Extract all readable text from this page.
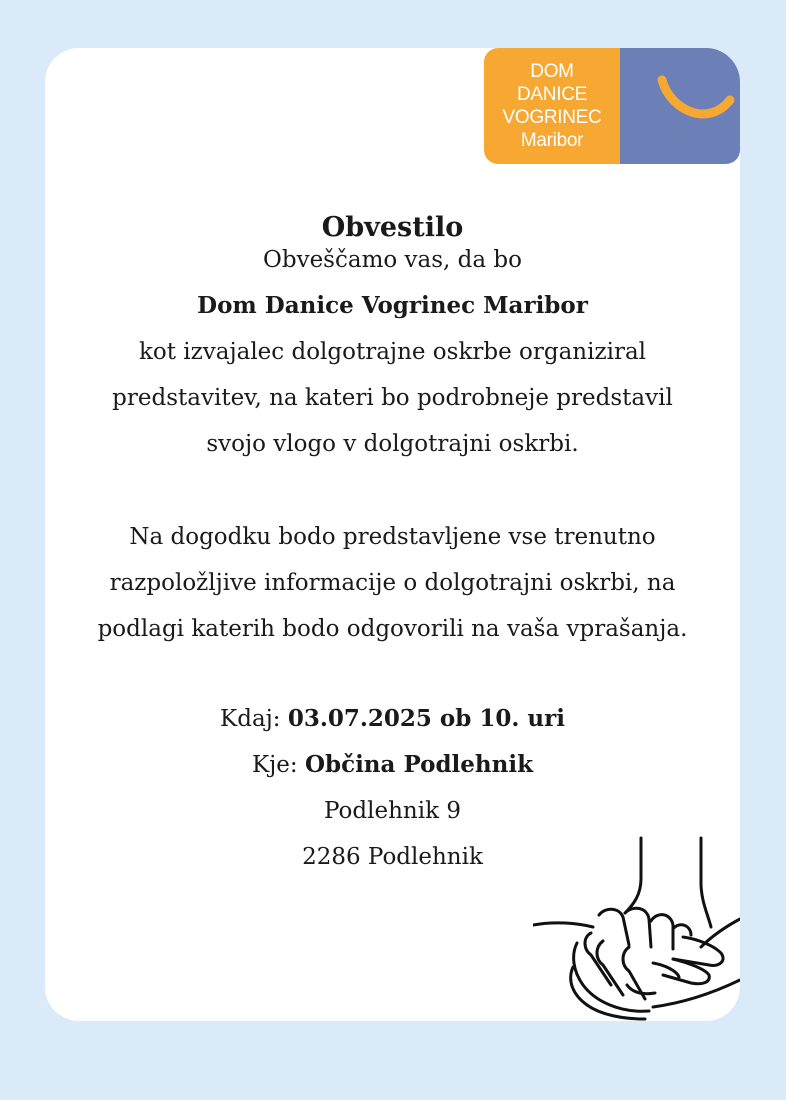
DOM
DANICE
VOGRINEC
Maribor
Obvestilo
Obveščamo vas, da bo
Dom Danice Vogrinec Maribor
kot izvajalec dolgotrajne oskrbe organiziral
predstavitev, na kateri bo podrobneje predstavil
svojo vlogo v dolgotrajni oskrbi.
Na dogodku bodo predstavljene vse trenutno
razpoložljive informacije o dolgotrajni oskrbi, na
podlagi katerih bodo odgovorili na vaša vprašanja.
Kdaj: 03.07.2025 ob 10. uri
Kje: Občina Podlehnik
Podlehnik 9
2286 Podlehnik
